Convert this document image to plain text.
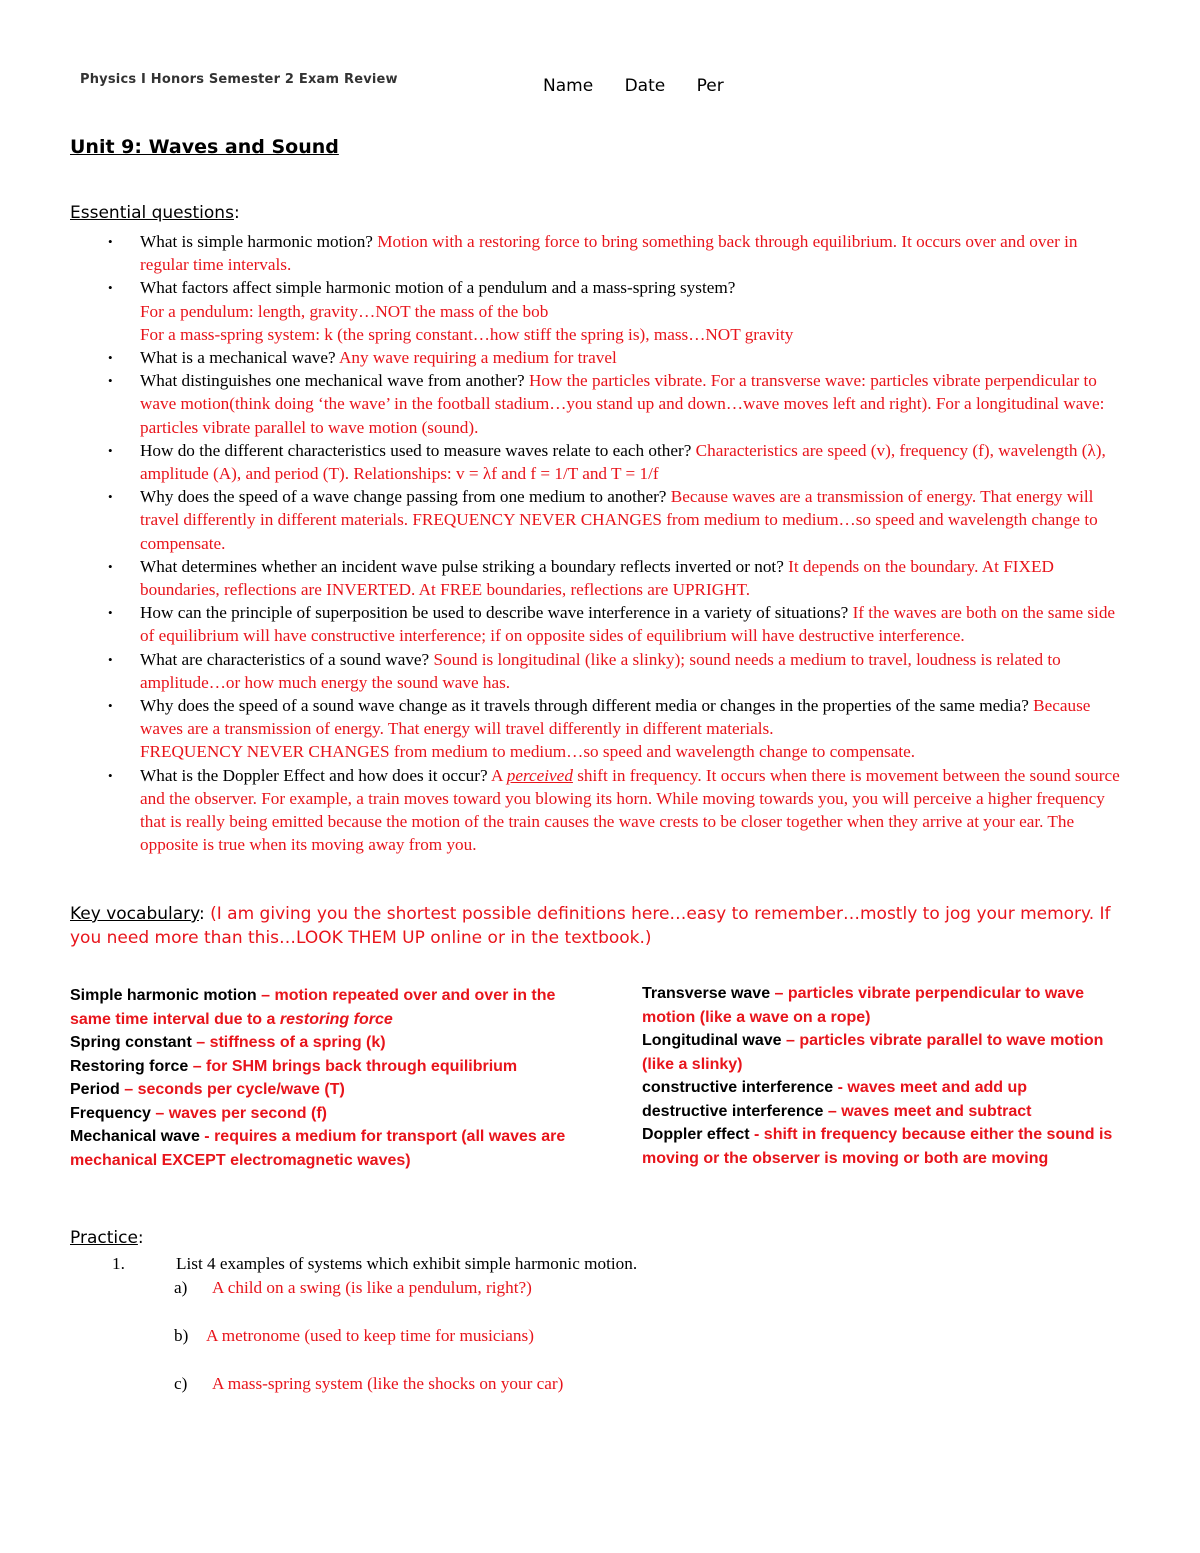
Physics I Honors Semester 2 Exam Review	Name Date Per
Unit 9: Waves and Sound
Essential questions:
• What is simple harmonic motion? Motion with a restoring force to bring something back through equilibrium. It occurs over and over in regular time intervals.
• What factors affect simple harmonic motion of a pendulum and a mass-spring system?
For a pendulum: length, gravity…NOT the mass of the bob
For a mass-spring system: k (the spring constant…how stiff the spring is), mass…NOT gravity
• What is a mechanical wave? Any wave requiring a medium for travel
• What distinguishes one mechanical wave from another? How the particles vibrate. For a transverse wave: particles vibrate perpendicular to wave motion(think doing ‘the wave’ in the football stadium…you stand up and down…wave moves left and right). For a longitudinal wave: particles vibrate parallel to wave motion (sound).
• How do the different characteristics used to measure waves relate to each other? Characteristics are speed (v), frequency (f), wavelength (λ), amplitude (A), and period (T). Relationships: v = λf and f = 1/T and T = 1/f
• Why does the speed of a wave change passing from one medium to another? Because waves are a transmission of energy. That energy will travel differently in different materials. FREQUENCY NEVER CHANGES from medium to medium…so speed and wavelength change to compensate.
• What determines whether an incident wave pulse striking a boundary reflects inverted or not? It depends on the boundary. At FIXED boundaries, reflections are INVERTED. At FREE boundaries, reflections are UPRIGHT.
• How can the principle of superposition be used to describe wave interference in a variety of situations? If the waves are both on the same side of equilibrium will have constructive interference; if on opposite sides of equilibrium will have destructive interference.
• What are characteristics of a sound wave? Sound is longitudinal (like a slinky); sound needs a medium to travel, loudness is related to amplitude…or how much energy the sound wave has.
• Why does the speed of a sound wave change as it travels through different media or changes in the properties of the same media? Because waves are a transmission of energy. That energy will travel differently in different materials.
FREQUENCY NEVER CHANGES from medium to medium…so speed and wavelength change to compensate.
• What is the Doppler Effect and how does it occur? A perceived shift in frequency. It occurs when there is movement between the sound source and the observer. For example, a train moves toward you blowing its horn. While moving towards you, you will perceive a higher frequency that is really being emitted because the motion of the train causes the wave crests to be closer together when they arrive at your ear. The opposite is true when its moving away from you.
Key vocabulary: (I am giving you the shortest possible definitions here…easy to remember…mostly to jog your memory. If you need more than this…LOOK THEM UP online or in the textbook.)
Simple harmonic motion – motion repeated over and over in the same time interval due to a restoring force
Spring constant – stiffness of a spring (k)
Restoring force – for SHM brings back through equilibrium
Period – seconds per cycle/wave (T)
Frequency – waves per second (f)
Mechanical wave - requires a medium for transport (all waves are mechanical EXCEPT electromagnetic waves)
Transverse wave – particles vibrate perpendicular to wave motion (like a wave on a rope)
Longitudinal wave – particles vibrate parallel to wave motion (like a slinky)
constructive interference - waves meet and add up
destructive interference – waves meet and subtract
Doppler effect - shift in frequency because either the sound is moving or the observer is moving or both are moving
Practice:
1.	List 4 examples of systems which exhibit simple harmonic motion.
a) A child on a swing (is like a pendulum, right?)
b) A metronome (used to keep time for musicians)
c) A mass-spring system (like the shocks on your car)
